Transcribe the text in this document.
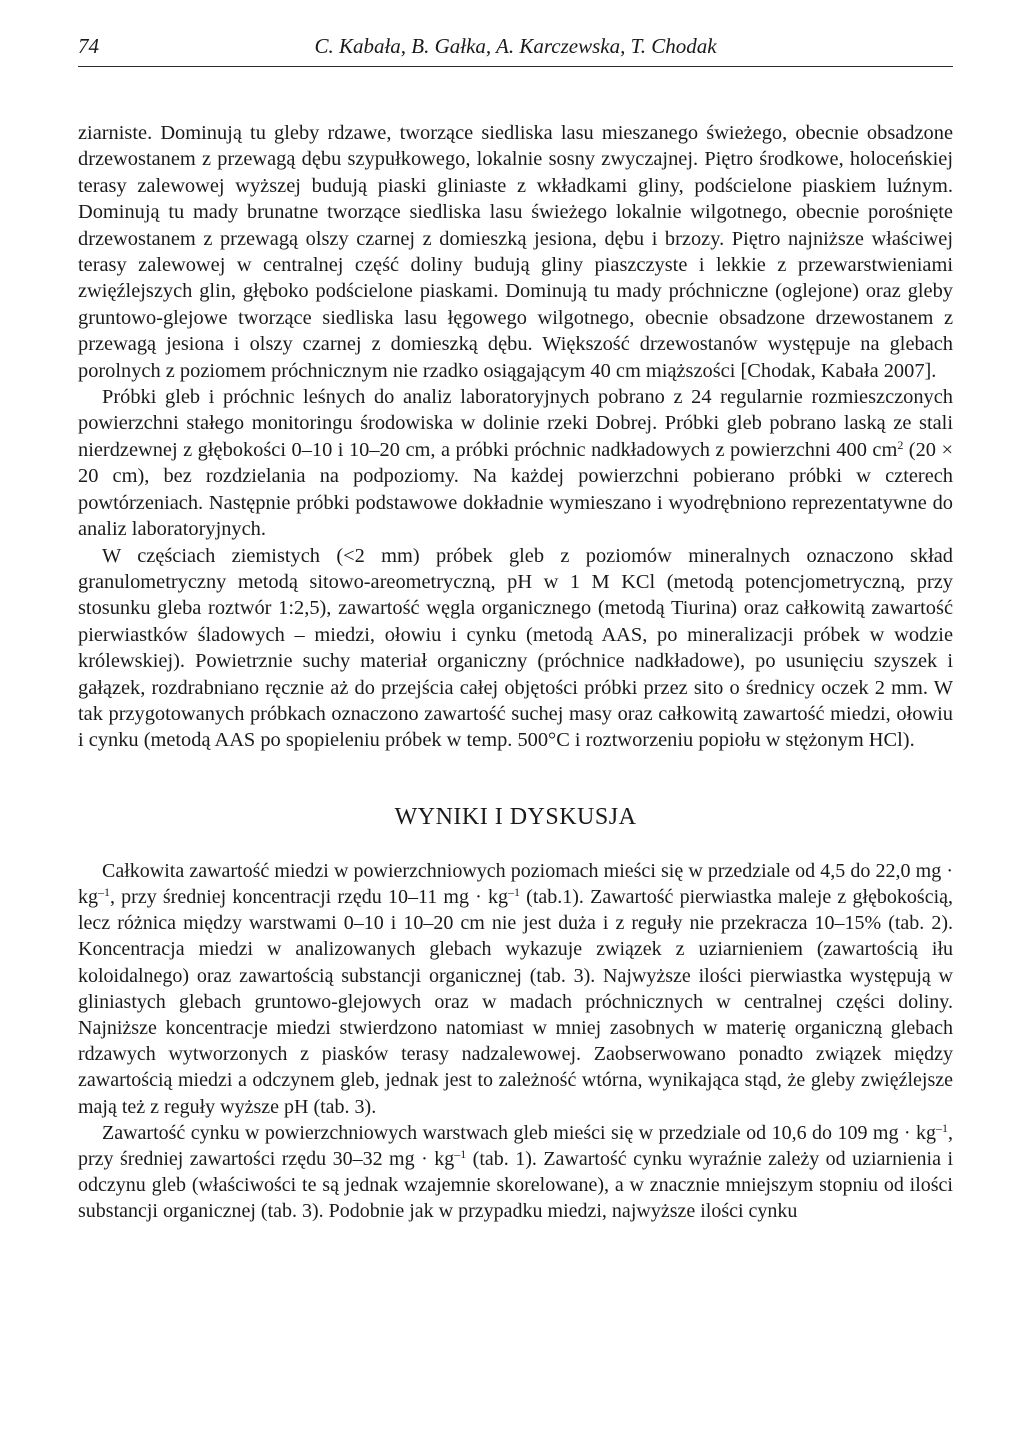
74	C. Kabała, B. Gałka, A. Karczewska, T. Chodak

ziarniste. Dominują tu gleby rdzawe, tworzące siedliska lasu mieszanego świeżego, obecnie obsadzone drzewostanem z przewagą dębu szypułkowego, lokalnie sosny zwyczajnej. Piętro środkowe, holoceńskiej terasy zalewowej wyższej budują piaski gliniaste z wkładkami gliny, podścielone piaskiem luźnym. Dominują tu mady brunatne tworzące siedliska lasu świeżego lokalnie wilgotnego, obecnie porośnięte drzewostanem z przewagą olszy czarnej z domieszką jesiona, dębu i brzozy. Piętro najniższe właściwej terasy zalewowej w centralnej część doliny budują gliny piaszczyste i lekkie z przewarstwieniami zwięźlejszych glin, głęboko podścielone piaskami. Dominują tu mady próchniczne (oglejone) oraz gleby gruntowo-glejowe tworzące siedliska lasu łęgowego wilgotnego, obecnie obsadzone drzewostanem z przewagą jesiona i olszy czarnej z domieszką dębu. Większość drzewostanów występuje na glebach porolnych z poziomem próchnicznym nie rzadko osiągającym 40 cm miąższości [Chodak, Kabała 2007].

Próbki gleb i próchnic leśnych do analiz laboratoryjnych pobrano z 24 regularnie rozmieszczonych powierzchni stałego monitoringu środowiska w dolinie rzeki Dobrej. Próbki gleb pobrano laską ze stali nierdzewnej z głębokości 0–10 i 10–20 cm, a próbki próchnic nadkładowych z powierzchni 400 $cm^2$ (20 × 20 cm), bez rozdzielania na podpoziomy. Na każdej powierzchni pobierano próbki w czterech powtórzeniach. Następnie próbki podstawowe dokładnie wymieszano i wyodrębniono reprezentatywne do analiz laboratoryjnych.

W częściach ziemistych (<2 mm) próbek gleb z poziomów mineralnych oznaczono skład granulometryczny metodą sitowo-areometryczną, pH w 1 M KCl (metodą potencjometryczną, przy stosunku gleba roztwór 1:2,5), zawartość węgla organicznego (metodą Tiurina) oraz całkowitą zawartość pierwiastków śladowych – miedzi, ołowiu i cynku (metodą AAS, po mineralizacji próbek w wodzie królewskiej). Powietrznie suchy materiał organiczny (próchnice nadkładowe), po usunięciu szyszek i gałązek, rozdrabniano ręcznie aż do przejścia całej objętości próbki przez sito o średnicy oczek 2 mm. W tak przygotowanych próbkach oznaczono zawartość suchej masy oraz całkowitą zawartość miedzi, ołowiu i cynku (metodą AAS po spopieleniu próbek w temp. 500°C i roztworzeniu popiołu w stężonym HCl).

WYNIKI I DYSKUSJA

Całkowita zawartość miedzi w powierzchniowych poziomach mieści się w przedziale od 4,5 do 22,0 mg · $kg^{-1}$, przy średniej koncentracji rzędu 10–11 mg · $kg^{-1}$ (tab.1). Zawartość pierwiastka maleje z głębokością, lecz różnica między warstwami 0–10 i 10–20 cm nie jest duża i z reguły nie przekracza 10–15% (tab. 2). Koncentracja miedzi w analizowanych glebach wykazuje związek z uziarnieniem (zawartością iłu koloidalnego) oraz zawartością substancji organicznej (tab. 3). Najwyższe ilości pierwiastka występują w gliniastych glebach gruntowo-glejowych oraz w madach próchnicznych w centralnej części doliny. Najniższe koncentracje miedzi stwierdzono natomiast w mniej zasobnych w materię organiczną glebach rdzawych wytworzonych z piasków terasy nadzalewowej. Zaobserwowano ponadto związek między zawartością miedzi a odczynem gleb, jednak jest to zależność wtórna, wynikająca stąd, że gleby zwięźlejsze mają też z reguły wyższe pH (tab. 3).

Zawartość cynku w powierzchniowych warstwach gleb mieści się w przedziale od 10,6 do 109 mg · $kg^{-1}$, przy średniej zawartości rzędu 30–32 mg · $kg^{-1}$ (tab. 1). Zawartość cynku wyraźnie zależy od uziarnienia i odczynu gleb (właściwości te są jednak wzajemnie skorelowane), a w znacznie mniejszym stopniu od ilości substancji organicznej (tab. 3). Podobnie jak w przypadku miedzi, najwyższe ilości cynku
